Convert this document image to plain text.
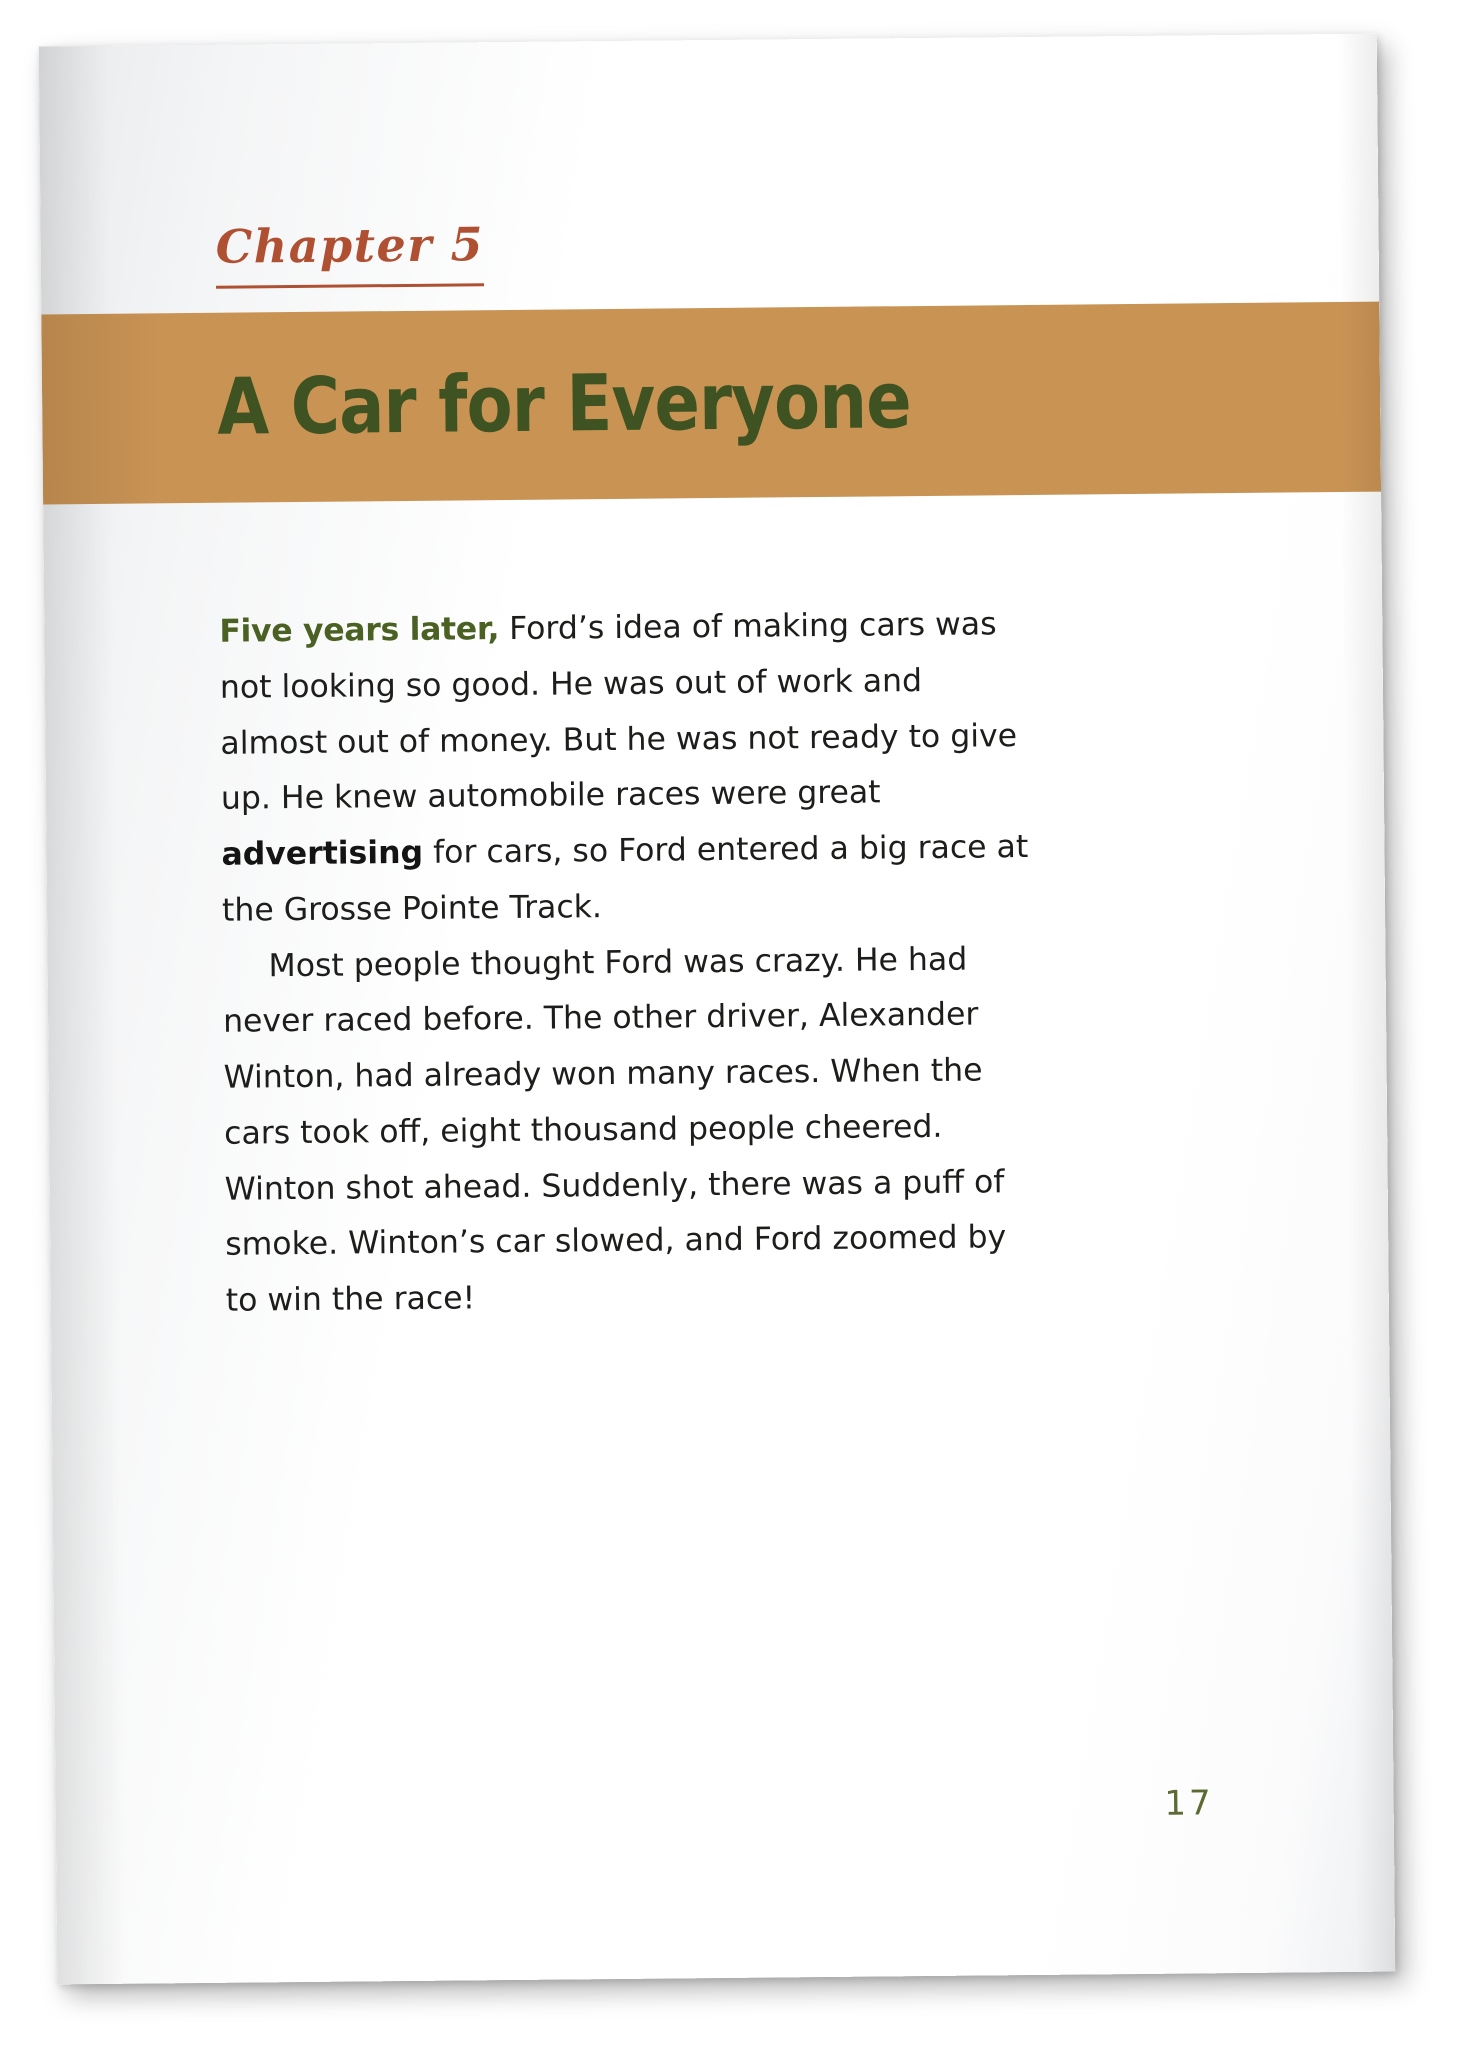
Chapter 5
A Car for Everyone

Five years later, Ford’s idea of making cars was not looking so good. He was out of work and almost out of money. But he was not ready to give up. He knew automobile races were great advertising for cars, so Ford entered a big race at the Grosse Pointe Track.

Most people thought Ford was crazy. He had never raced before. The other driver, Alexander Winton, had already won many races. When the cars took off, eight thousand people cheered. Winton shot ahead. Suddenly, there was a puff of smoke. Winton’s car slowed, and Ford zoomed by to win the race!

17
